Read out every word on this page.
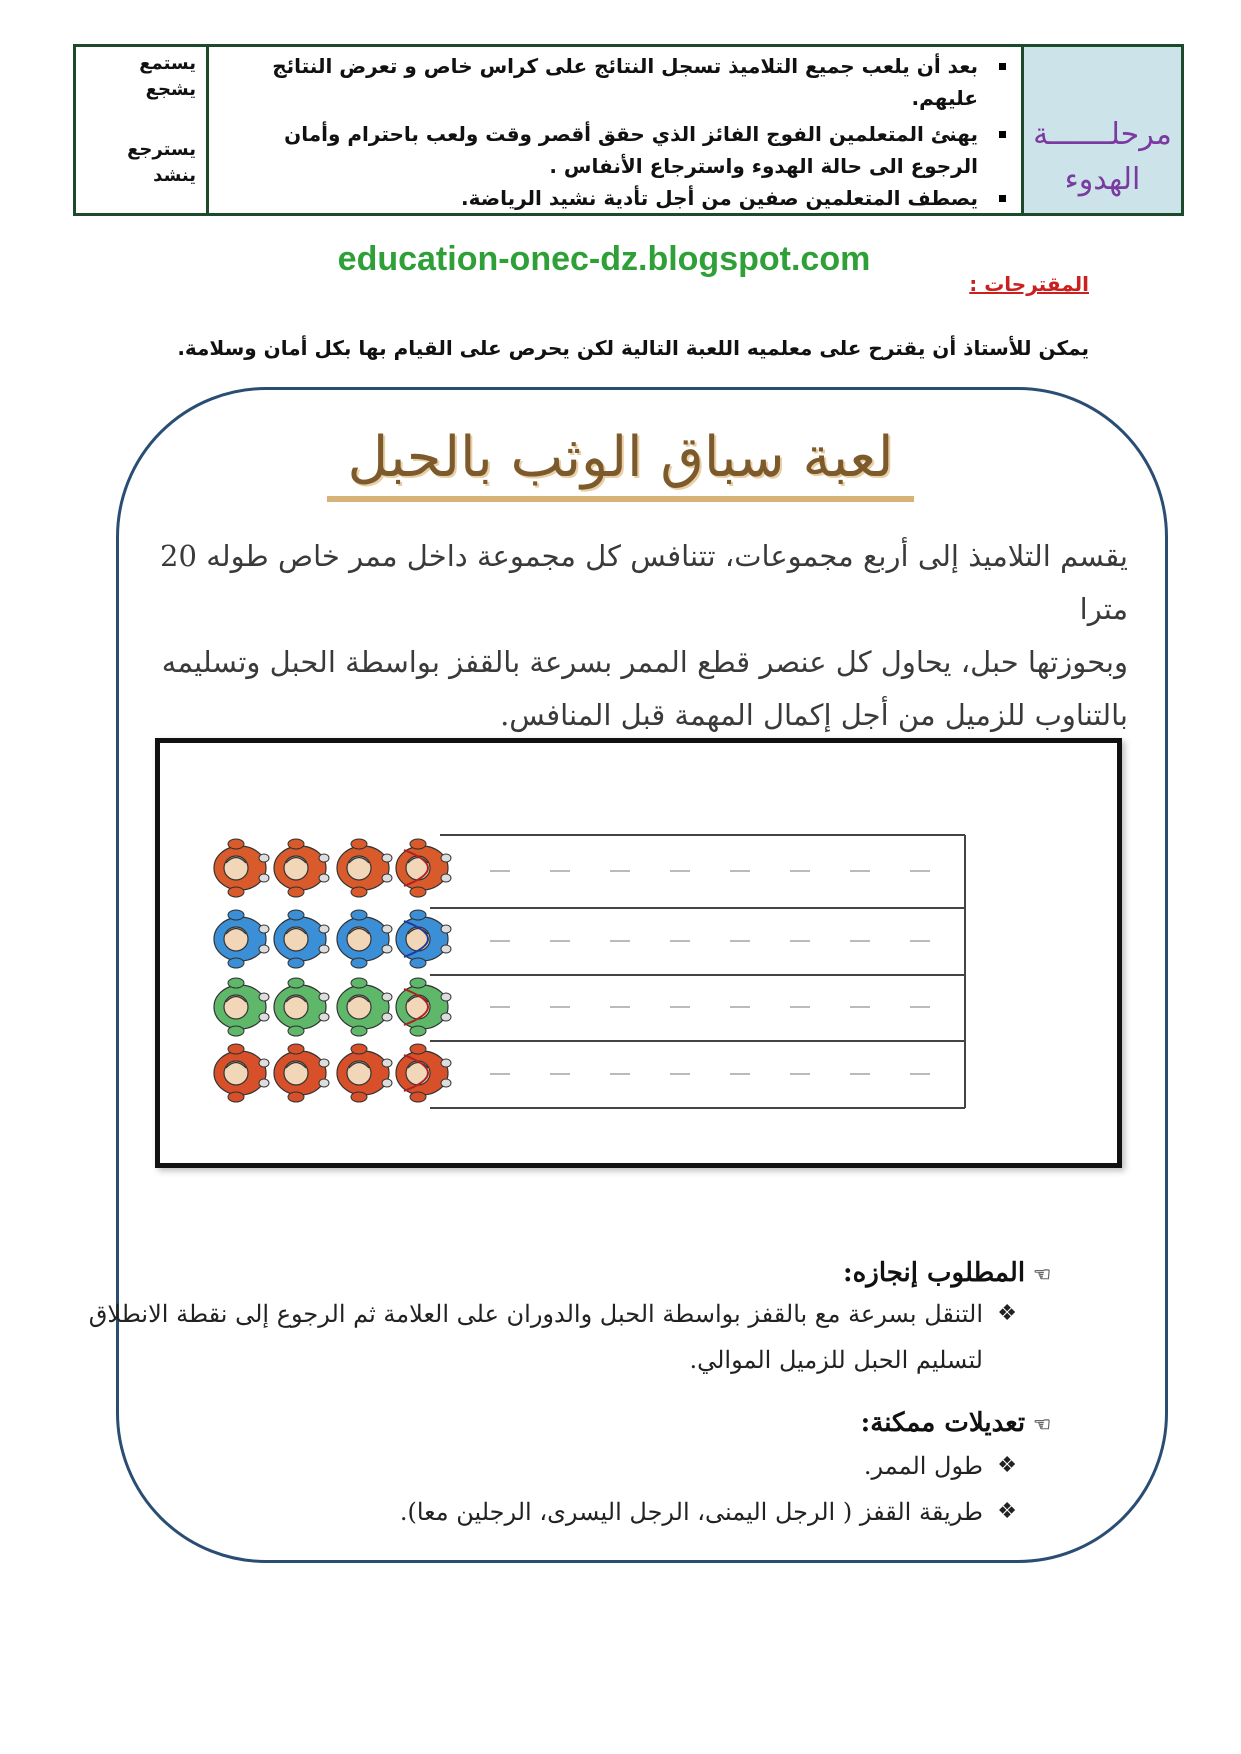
مرحلـــــــة
الهدوء
بعد أن يلعب جميع التلاميذ تسجل النتائج على كراس خاص و تعرض النتائج
عليهم.
يهنئ المتعلمين الفوج الفائز الذي حقق أقصر وقت ولعب باحترام وأمان
الرجوع الى حالة الهدوء واسترجاع الأنفاس .
يصطف المتعلمين صفين من أجل تأدية نشيد الرياضة.
يستمع
يشجع
يسترجع
ينشد
education-onec-dz.blogspot.com
المقترحات :
يمكن للأستاذ أن يقترح على معلميه اللعبة التالية لكن يحرص على القيام بها بكل أمان وسلامة.
لعبة سباق الوثب بالحبل
يقسم التلاميذ إلى أربع مجموعات، تتنافس كل مجموعة داخل ممر خاص طوله 20 مترا
وبحوزتها حبل، يحاول كل عنصر قطع الممر بسرعة بالقفز بواسطة الحبل وتسليمه
بالتناوب للزميل من أجل إكمال المهمة قبل المنافس.
☜المطلوب إنجازه:
❖
التنقل بسرعة مع بالقفز بواسطة الحبل والدوران على العلامة ثم الرجوع إلى نقطة الانطلاق
لتسليم الحبل للزميل الموالي.
☜تعديلات ممكنة:
❖
طول الممر.
❖
طريقة القفز ( الرجل اليمنى، الرجل اليسرى، الرجلين معا).
